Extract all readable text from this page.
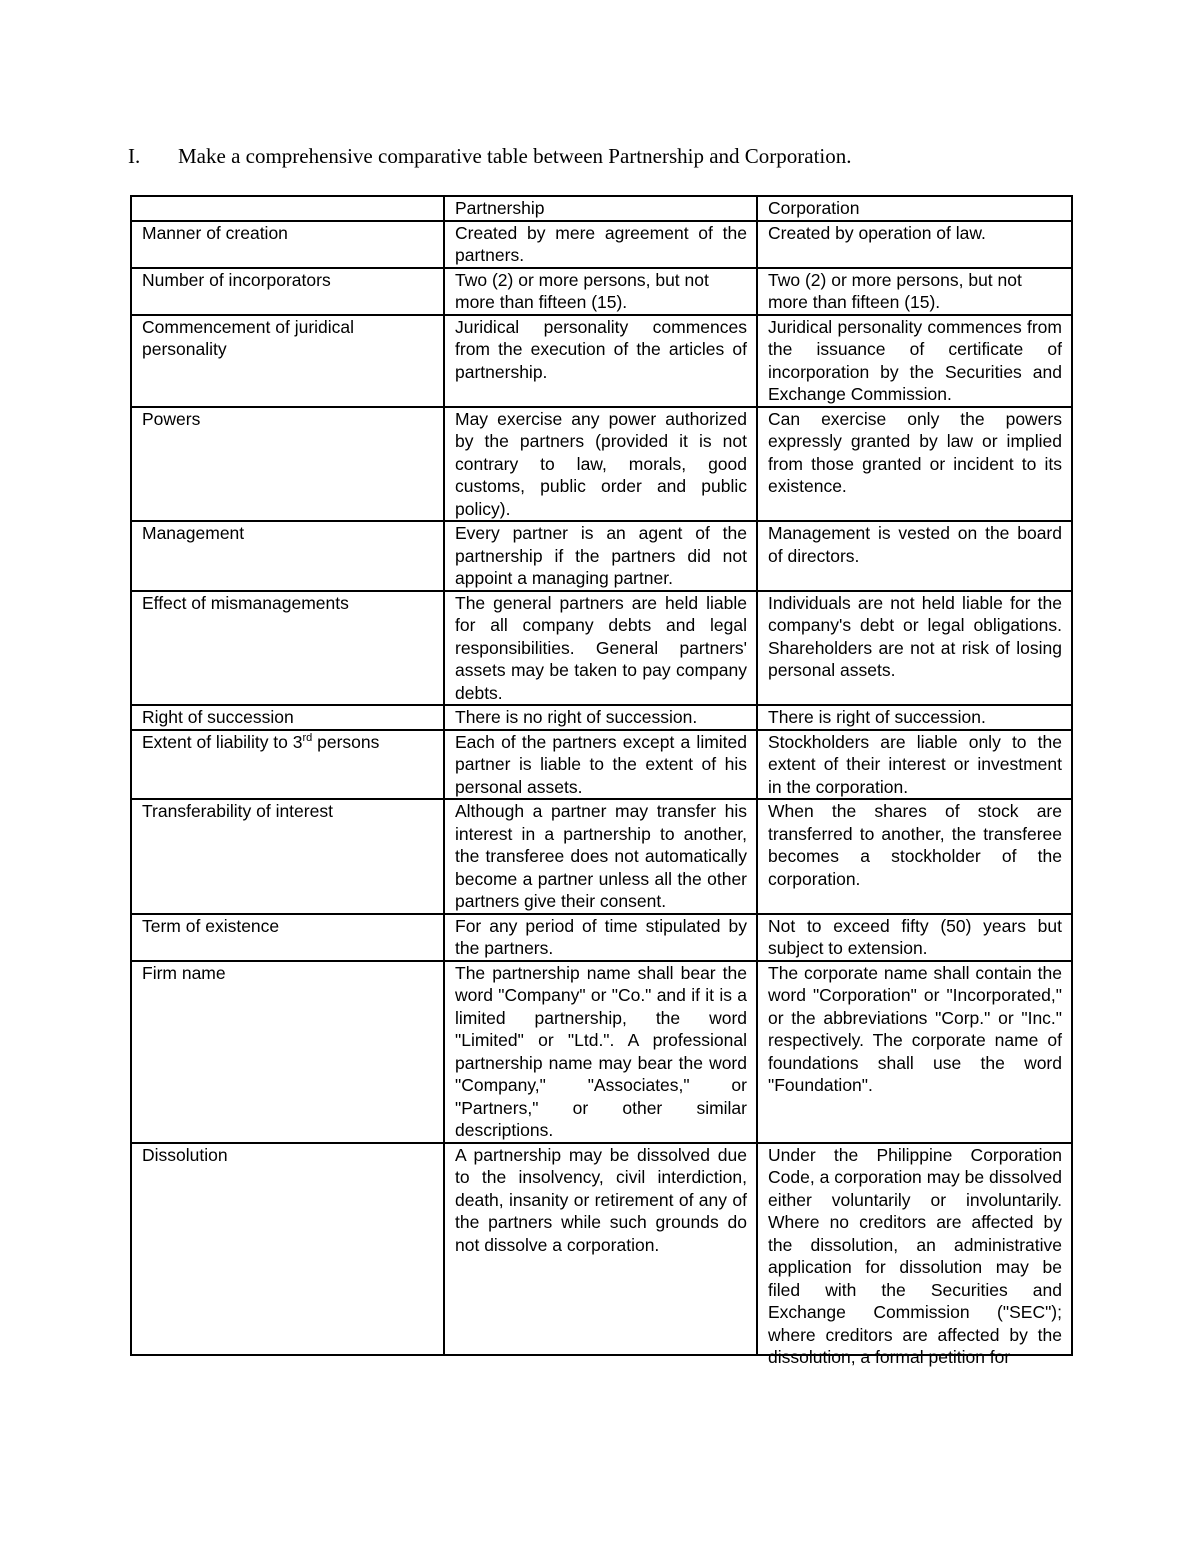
I. Make a comprehensive comparative table between Partnership and Corporation.
	Partnership	Corporation
Manner of creation	Created by mere agreement of the partners.	Created by operation of law.
Number of incorporators	Two (2) or more persons, but not more than fifteen (15).	Two (2) or more persons, but not more than fifteen (15).
Commencement of juridical personality	Juridical personality commences from the execution of the articles of partnership.	Juridical personality commences from the issuance of certificate of incorporation by the Securities and Exchange Commission.
Powers	May exercise any power authorized by the partners (provided it is not contrary to law, morals, good customs, public order and public policy).	Can exercise only the powers expressly granted by law or implied from those granted or incident to its existence.
Management	Every partner is an agent of the partnership if the partners did not appoint a managing partner.	Management is vested on the board of directors.
Effect of mismanagements	The general partners are held liable for all company debts and legal responsibilities. General partners' assets may be taken to pay company debts.	Individuals are not held liable for the company's debt or legal obligations. Shareholders are not at risk of losing personal assets.
Right of succession	There is no right of succession.	There is right of succession.
Extent of liability to 3rd persons	Each of the partners except a limited partner is liable to the extent of his personal assets.	Stockholders are liable only to the extent of their interest or investment in the corporation.
Transferability of interest	Although a partner may transfer his interest in a partnership to another, the transferee does not automatically become a partner unless all the other partners give their consent.	When the shares of stock are transferred to another, the transferee becomes a stockholder of the corporation.
Term of existence	For any period of time stipulated by the partners.	Not to exceed fifty (50) years but subject to extension.
Firm name	The partnership name shall bear the word "Company" or "Co." and if it is a limited partnership, the word "Limited" or "Ltd.". A professional partnership name may bear the word "Company," "Associates," or "Partners," or other similar descriptions.	The corporate name shall contain the word "Corporation" or "Incorporated," or the abbreviations "Corp." or "Inc." respectively. The corporate name of foundations shall use the word "Foundation".
Dissolution	A partnership may be dissolved due to the insolvency, civil interdiction, death, insanity or retirement of any of the partners while such grounds do not dissolve a corporation.	Under the Philippine Corporation Code, a corporation may be dissolved either voluntarily or involuntarily. Where no creditors are affected by the dissolution, an administrative application for dissolution may be filed with the Securities and Exchange Commission ("SEC"); where creditors are affected by the dissolution, a formal petition for
